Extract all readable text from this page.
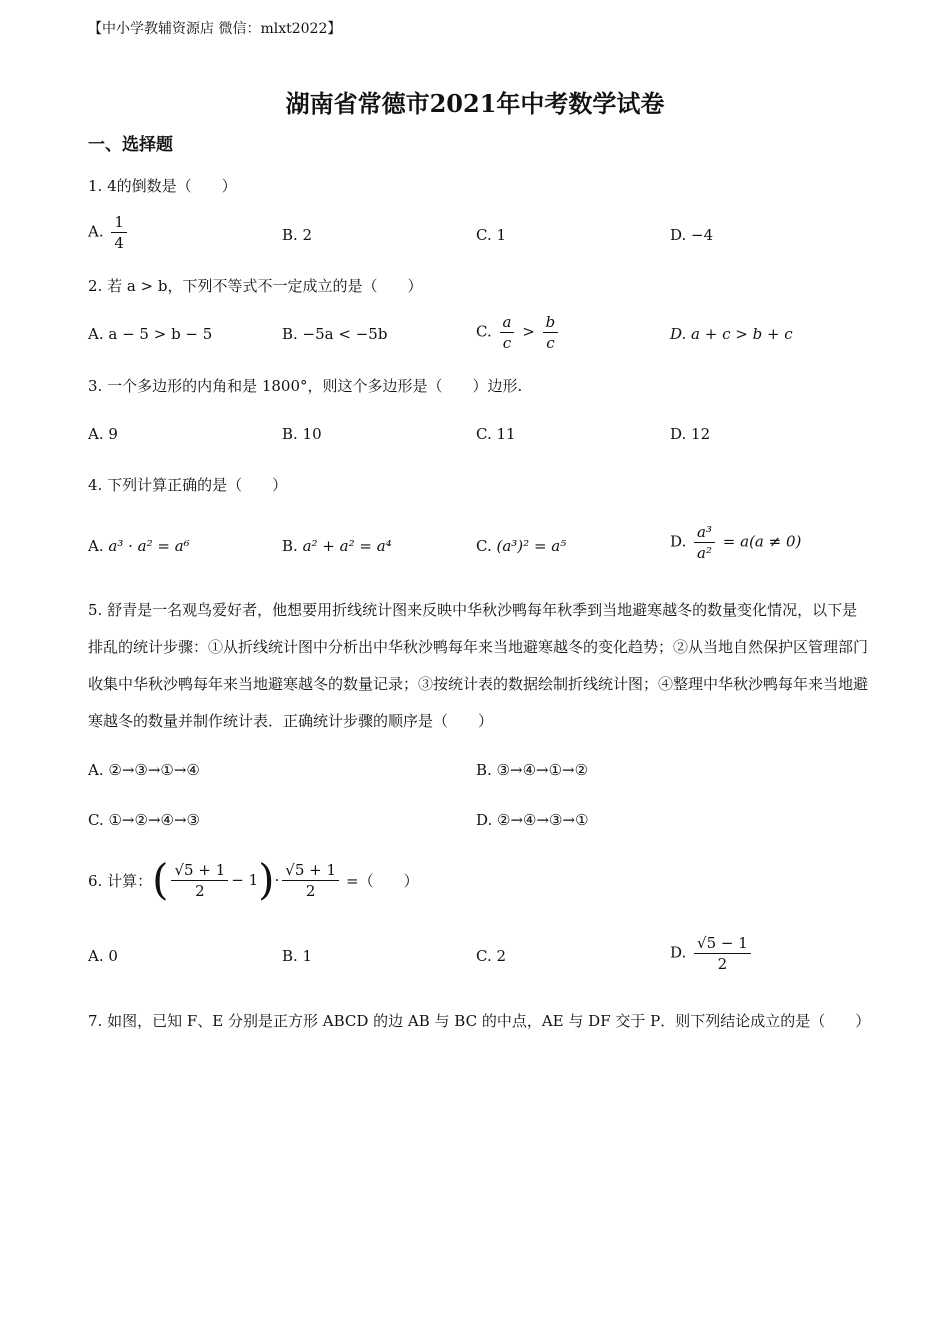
【中小学教辅资源店 微信：mlxt2022】
湖南省常德市2021年中考数学试卷
一、选择题
1. 4的倒数是（　　）
A. $\frac{1}{4}$	B. 2	C. 1	D. −4
2. 若 a > b，下列不等式不一定成立的是（　　）
A. a − 5 > b − 5	B. −5a < −5b	C. $\frac{a}{c} > \frac{b}{c}$	D. a + c > b + c
3. 一个多边形的内角和是 1800°，则这个多边形是（　　）边形.
A. 9	B. 10	C. 11	D. 12
4. 下列计算正确的是（　　）
A. a³ · a² = a⁶	B. a² + a² = a⁴	C. (a³)² = a⁵	D. $\frac{\text{a³}}{\text{a²}} = a(a \ne 0)$
5. 舒青是一名观鸟爱好者，他想要用折线统计图来反映中华秋沙鸭每年秋季到当地避寒越冬的数量变化情况，以下是排乱的统计步骤：①从折线统计图中分析出中华秋沙鸭每年来当地避寒越冬的变化趋势；②从当地自然保护区管理部门收集中华秋沙鸭每年来当地避寒越冬的数量记录；③按统计表的数据绘制折线统计图；④整理中华秋沙鸭每年来当地避寒越冬的数量并制作统计表．正确统计步骤的顺序是（　　）
A. ②→③→①→④	B. ③→④→①→②
C. ①→②→④→③	D. ②→④→③→①
6. 计算： ( $\frac{√5 + 1}{2} - 1$ ) · $\frac{√5 + 1}{2}$ =（　　）
A. 0	B. 1	C. 2	D. $\frac{√5 - 1}{2}$
7. 如图，已知 F、E 分别是正方形 ABCD 的边 AB 与 BC 的中点，AE 与 DF 交于 P．则下列结论成立的是（　　）
